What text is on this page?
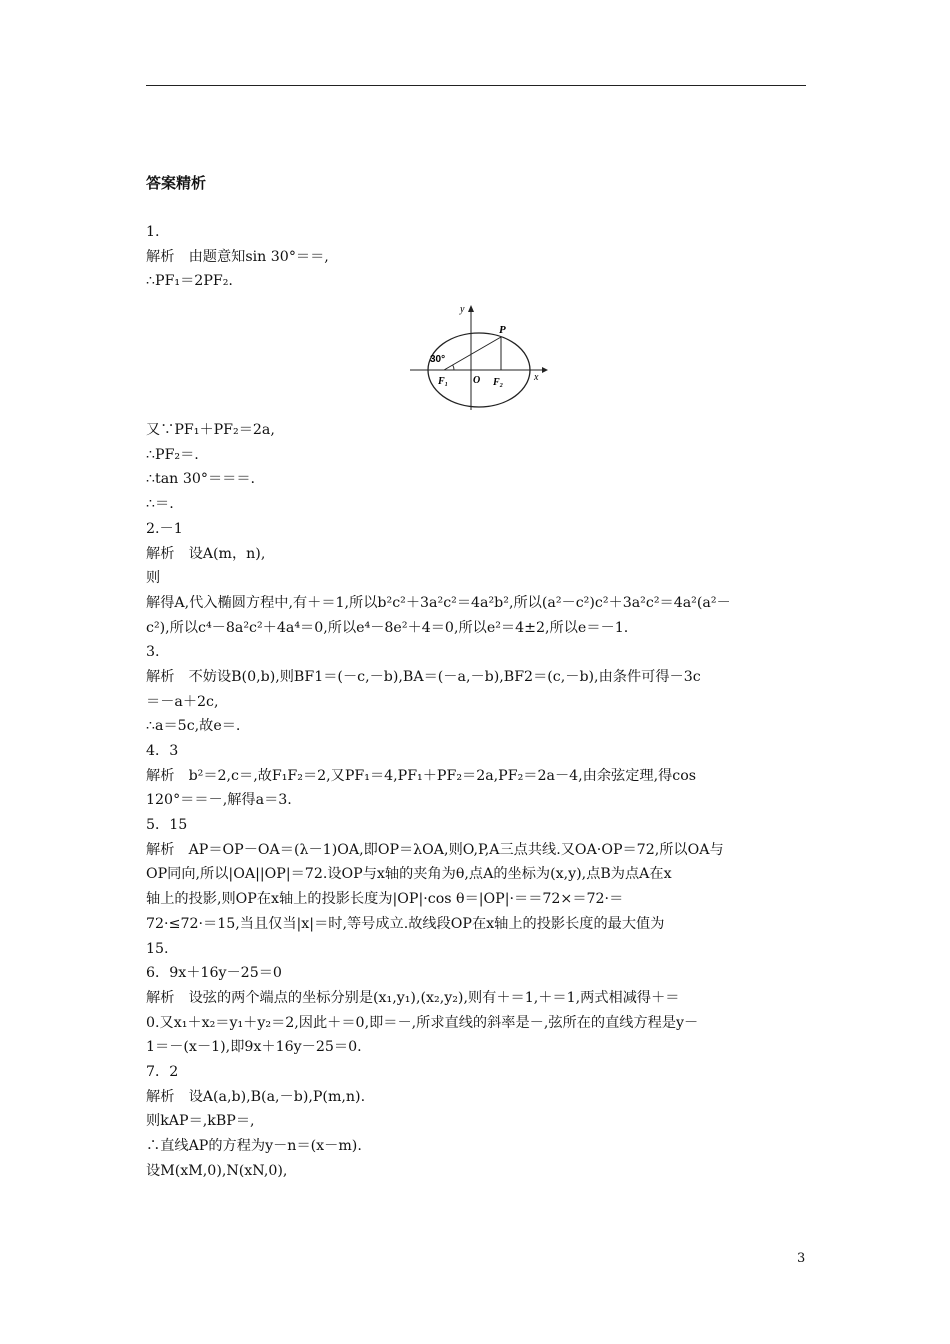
答案精析
1.
解析　由题意知sin 30°＝＝,
∴PF₁＝2PF₂.
y
x
P
30°
F₁ O F₂
又∵PF₁＋PF₂＝2a,
∴PF₂＝.
∴tan 30°＝＝＝.
∴＝.
2.－1
解析　设A(m，n),
则
解得A,代入椭圆方程中,有＋＝1,所以b²c²＋3a²c²＝4a²b²,所以(a²－c²)c²＋3a²c²＝4a²(a²－
c²),所以c⁴－8a²c²＋4a⁴＝0,所以e⁴－8e²＋4＝0,所以e²＝4±2,所以e＝－1.
3.
解析　不妨设B(0,b),则BF1＝(－c,－b),BA＝(－a,－b),BF2＝(c,－b),由条件可得－3c
＝－a＋2c,
∴a＝5c,故e＝.
4．3
解析　b²＝2,c＝,故F₁F₂＝2,又PF₁＝4,PF₁＋PF₂＝2a,PF₂＝2a－4,由余弦定理,得cos
120°＝＝－,解得a＝3.
5．15
解析　AP＝OP－OA＝(λ－1)OA,即OP＝λOA,则O,P,A三点共线.又OA·OP＝72,所以OA与
OP同向,所以|OA||OP|＝72.设OP与x轴的夹角为θ,点A的坐标为(x,y),点B为点A在x
轴上的投影,则OP在x轴上的投影长度为|OP|·cos θ＝|OP|·＝＝72×＝72·＝
72·≤72·＝15,当且仅当|x|＝时,等号成立.故线段OP在x轴上的投影长度的最大值为
15.
6．9x＋16y－25＝0
解析　设弦的两个端点的坐标分别是(x₁,y₁),(x₂,y₂),则有＋＝1,＋＝1,两式相减得＋＝
0.又x₁＋x₂＝y₁＋y₂＝2,因此＋＝0,即＝－,所求直线的斜率是－,弦所在的直线方程是y－
1＝－(x－1),即9x＋16y－25＝0.
7．2
解析　设A(a,b),B(a,－b),P(m,n).
则kAP＝,kBP＝,
∴直线AP的方程为y－n＝(x－m).
设M(xM,0),N(xN,0),
3
